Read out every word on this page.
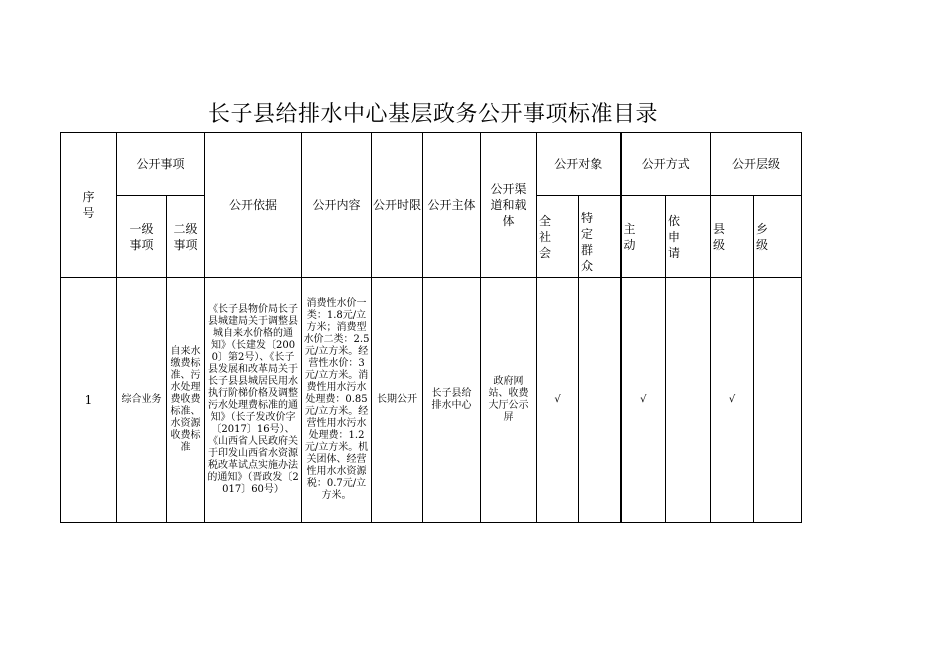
长子县给排水中心基层政务公开事项标准目录
序号	公开事项		公开依据	公开内容	公开时限	公开主体	公开渠道和载体	公开对象		公开方式		公开层级	
	一级事项	二级事项						全社会	特定群众	主动	依申请	县级	乡级
1	综合业务	自来水缴费标准、污水处理费收费标准、水资源收费标准	《长子县物价局长子县城建局关于调整县城自来水价格的通知》（长建发〔2000〕第2号）、《长子县发展和改革局关于长子县县城居民用水执行阶梯价格及调整污水处理费标准的通知》（长子发改价字〔2017〕16号）、《山西省人民政府关于印发山西省水资源税改革试点实施办法的通知》（晋政发〔2017〕60号）	消费性水价一类：1.8元/立方米；消费型水价二类：2.5元/立方米。经营性水价：3元/立方米。消费性用水污水处理费：0.85元/立方米。经营性用水污水处理费：1.2元/立方米。机关团体、经营性用水水资源税：0.7元/立方米。	长期公开	长子县给排水中心	政府网站、收费大厅公示屏	√		√		√	
